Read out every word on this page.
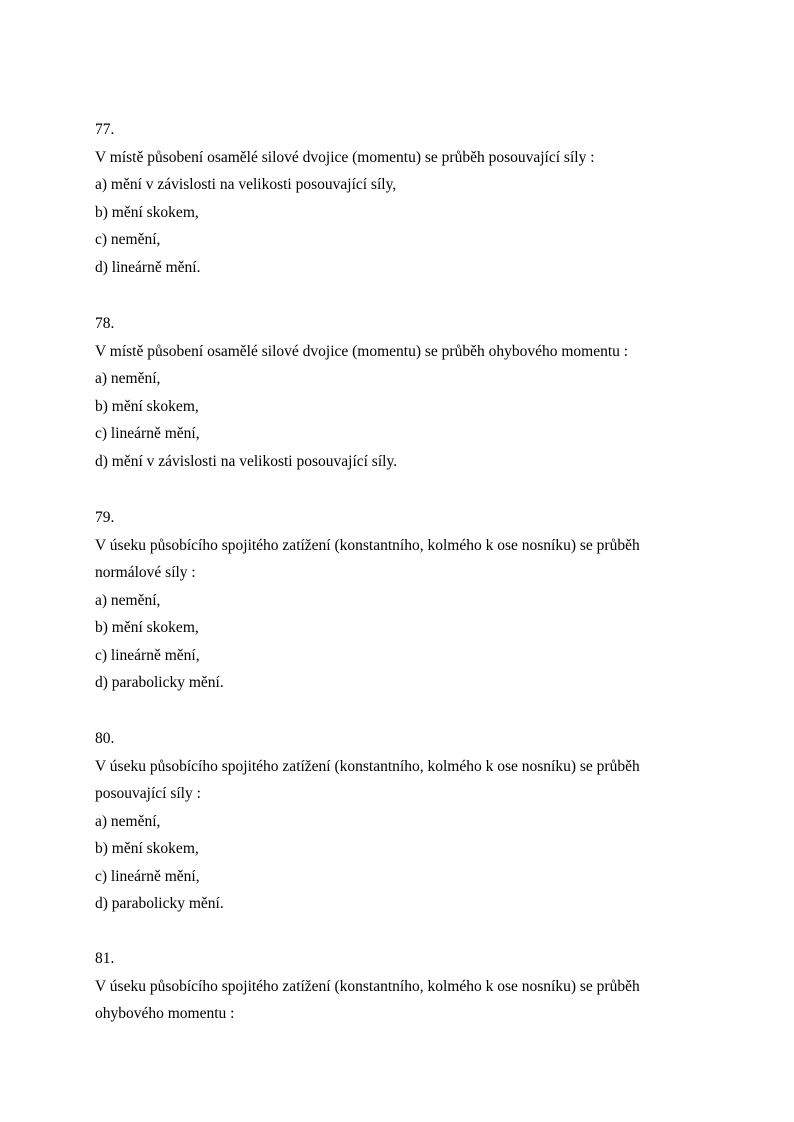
77.
V místě působení osamělé silové dvojice (momentu) se průběh posouvající síly :
a) mění v závislosti na velikosti posouvající síly,
b) mění skokem,
c) nemění,
d) lineárně mění.
78.
V místě působení osamělé silové dvojice (momentu) se průběh ohybového momentu :
a) nemění,
b) mění skokem,
c) lineárně mění,
d) mění v závislosti na velikosti posouvající síly.
79.
V úseku působícího spojitého zatížení (konstantního, kolmého k ose nosníku) se průběh
normálové síly :
a) nemění,
b) mění skokem,
c) lineárně mění,
d) parabolicky mění.
80.
V úseku působícího spojitého zatížení (konstantního, kolmého k ose nosníku) se průběh
posouvající síly :
a) nemění,
b) mění skokem,
c) lineárně mění,
d) parabolicky mění.
81.
V úseku působícího spojitého zatížení (konstantního, kolmého k ose nosníku) se průběh
ohybového momentu :
